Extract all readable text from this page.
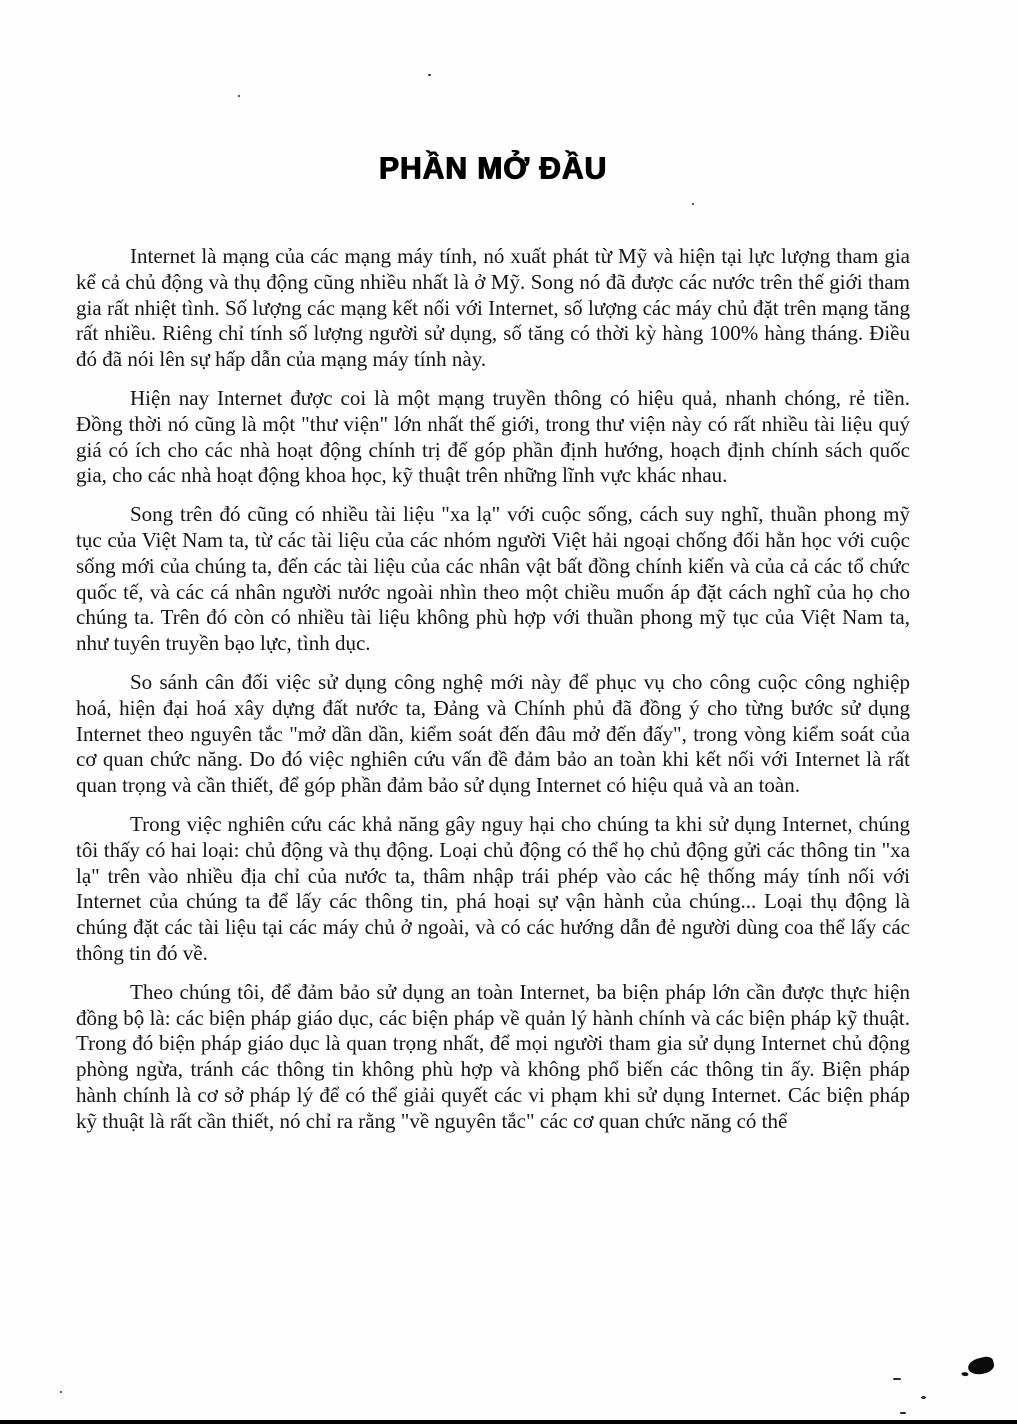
PHẦN MỞ ĐẦU

Internet là mạng của các mạng máy tính, nó xuất phát từ Mỹ và hiện tại lực lượng tham gia kể cả chủ động và thụ động cũng nhiều nhất là ở Mỹ. Song nó đã được các nước trên thế giới tham gia rất nhiệt tình. Số lượng các mạng kết nối với Internet, số lượng các máy chủ đặt trên mạng tăng rất nhiều. Riêng chỉ tính số lượng người sử dụng, số tăng có thời kỳ hàng 100% hàng tháng. Điều đó đã nói lên sự hấp dẫn của mạng máy tính này.

Hiện nay Internet được coi là một mạng truyền thông có hiệu quả, nhanh chóng, rẻ tiền. Đồng thời nó cũng là một "thư viện" lớn nhất thế giới, trong thư viện này có rất nhiều tài liệu quý giá có ích cho các nhà hoạt động chính trị để góp phần định hướng, hoạch định chính sách quốc gia, cho các nhà hoạt động khoa học, kỹ thuật trên những lĩnh vực khác nhau.

Song trên đó cũng có nhiều tài liệu "xa lạ" với cuộc sống, cách suy nghĩ, thuần phong mỹ tục của Việt Nam ta, từ các tài liệu của các nhóm người Việt hải ngoại chống đối hằn học với cuộc sống mới của chúng ta, đến các tài liệu của các nhân vật bất đồng chính kiến và của cả các tổ chức quốc tế, và các cá nhân người nước ngoài nhìn theo một chiều muốn áp đặt cách nghĩ của họ cho chúng ta. Trên đó còn có nhiều tài liệu không phù hợp với thuần phong mỹ tục của Việt Nam ta, như tuyên truyền bạo lực, tình dục.

So sánh cân đối việc sử dụng công nghệ mới này để phục vụ cho công cuộc công nghiệp hoá, hiện đại hoá xây dựng đất nước ta, Đảng và Chính phủ đã đồng ý cho từng bước sử dụng Internet theo nguyên tắc "mở dần dần, kiểm soát đến đâu mở đến đấy", trong vòng kiểm soát của cơ quan chức năng. Do đó việc nghiên cứu vấn đề đảm bảo an toàn khi kết nối với Internet là rất quan trọng và cần thiết, để góp phần đảm bảo sử dụng Internet có hiệu quả và an toàn.

Trong việc nghiên cứu các khả năng gây nguy hại cho chúng ta khi sử dụng Internet, chúng tôi thấy có hai loại: chủ động và thụ động. Loại chủ động có thể họ chủ động gửi các thông tin "xa lạ" trên vào nhiều địa chỉ của nước ta, thâm nhập trái phép vào các hệ thống máy tính nối với Internet của chúng ta để lấy các thông tin, phá hoại sự vận hành của chúng... Loại thụ động là chúng đặt các tài liệu tại các máy chủ ở ngoài, và có các hướng dẫn đẻ người dùng coa thể lấy các thông tin đó về.

Theo chúng tôi, để đảm bảo sử dụng an toàn Internet, ba biện pháp lớn cần được thực hiện đồng bộ là: các biện pháp giáo dục, các biện pháp về quản lý hành chính và các biện pháp kỹ thuật. Trong đó biện pháp giáo dục là quan trọng nhất, để mọi người tham gia sử dụng Internet chủ động phòng ngừa, tránh các thông tin không phù hợp và không phổ biến các thông tin ấy. Biện pháp hành chính là cơ sở pháp lý để có thể giải quyết các vi phạm khi sử dụng Internet. Các biện pháp kỹ thuật là rất cần thiết, nó chỉ ra rằng "về nguyên tắc" các cơ quan chức năng có thể
